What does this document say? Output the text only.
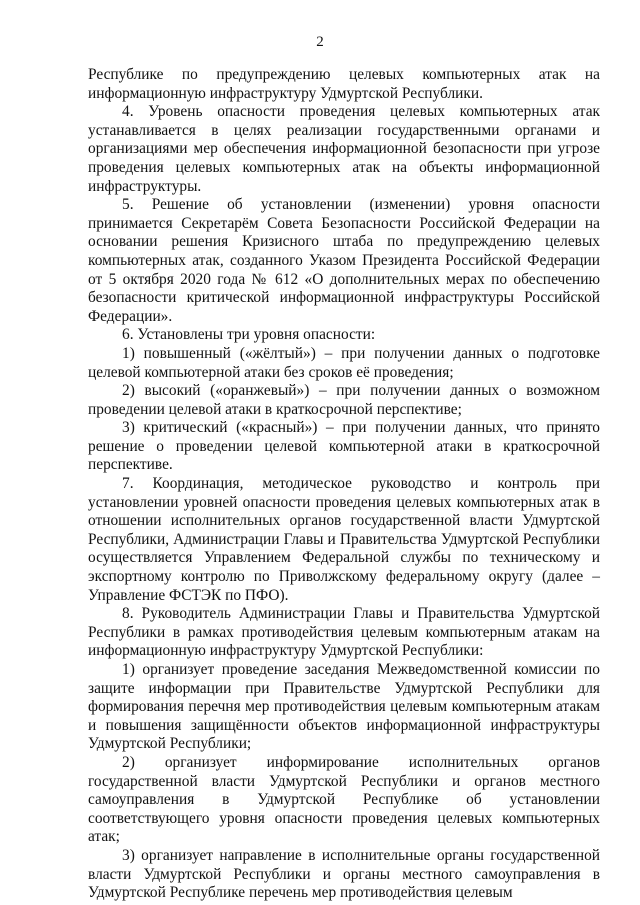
2

Республике по предупреждению целевых компьютерных атак на информационную инфраструктуру Удмуртской Республики.

4. Уровень опасности проведения целевых компьютерных атак устанавливается в целях реализации государственными органами и организациями мер обеспечения информационной безопасности при угрозе проведения целевых компьютерных атак на объекты информационной инфраструктуры.

5. Решение об установлении (изменении) уровня опасности принимается Секретарём Совета Безопасности Российской Федерации на основании решения Кризисного штаба по предупреждению целевых компьютерных атак, созданного Указом Президента Российской Федерации от 5 октября 2020 года № 612 «О дополнительных мерах по обеспечению безопасности критической информационной инфраструктуры Российской Федерации».

6. Установлены три уровня опасности:

1) повышенный («жёлтый») – при получении данных о подготовке целевой компьютерной атаки без сроков её проведения;

2) высокий («оранжевый») – при получении данных о возможном проведении целевой атаки в краткосрочной перспективе;

3) критический («красный») – при получении данных, что принято решение о проведении целевой компьютерной атаки в краткосрочной перспективе.

7. Координация, методическое руководство и контроль при установлении уровней опасности проведения целевых компьютерных атак в отношении исполнительных органов государственной власти Удмуртской Республики, Администрации Главы и Правительства Удмуртской Республики осуществляется Управлением Федеральной службы по техническому и экспортному контролю по Приволжскому федеральному округу (далее – Управление ФСТЭК по ПФО).

8. Руководитель Администрации Главы и Правительства Удмуртской Республики в рамках противодействия целевым компьютерным атакам на информационную инфраструктуру Удмуртской Республики:

1) организует проведение заседания Межведомственной комиссии по защите информации при Правительстве Удмуртской Республики для формирования перечня мер противодействия целевым компьютерным атакам и повышения защищённости объектов информационной инфраструктуры Удмуртской Республики;

2) организует информирование исполнительных органов государственной власти Удмуртской Республики и органов местного самоуправления в Удмуртской Республике об установлении соответствующего уровня опасности проведения целевых компьютерных атак;

3) организует направление в исполнительные органы государственной власти Удмуртской Республики и органы местного самоуправления в Удмуртской Республике перечень мер противодействия целевым
